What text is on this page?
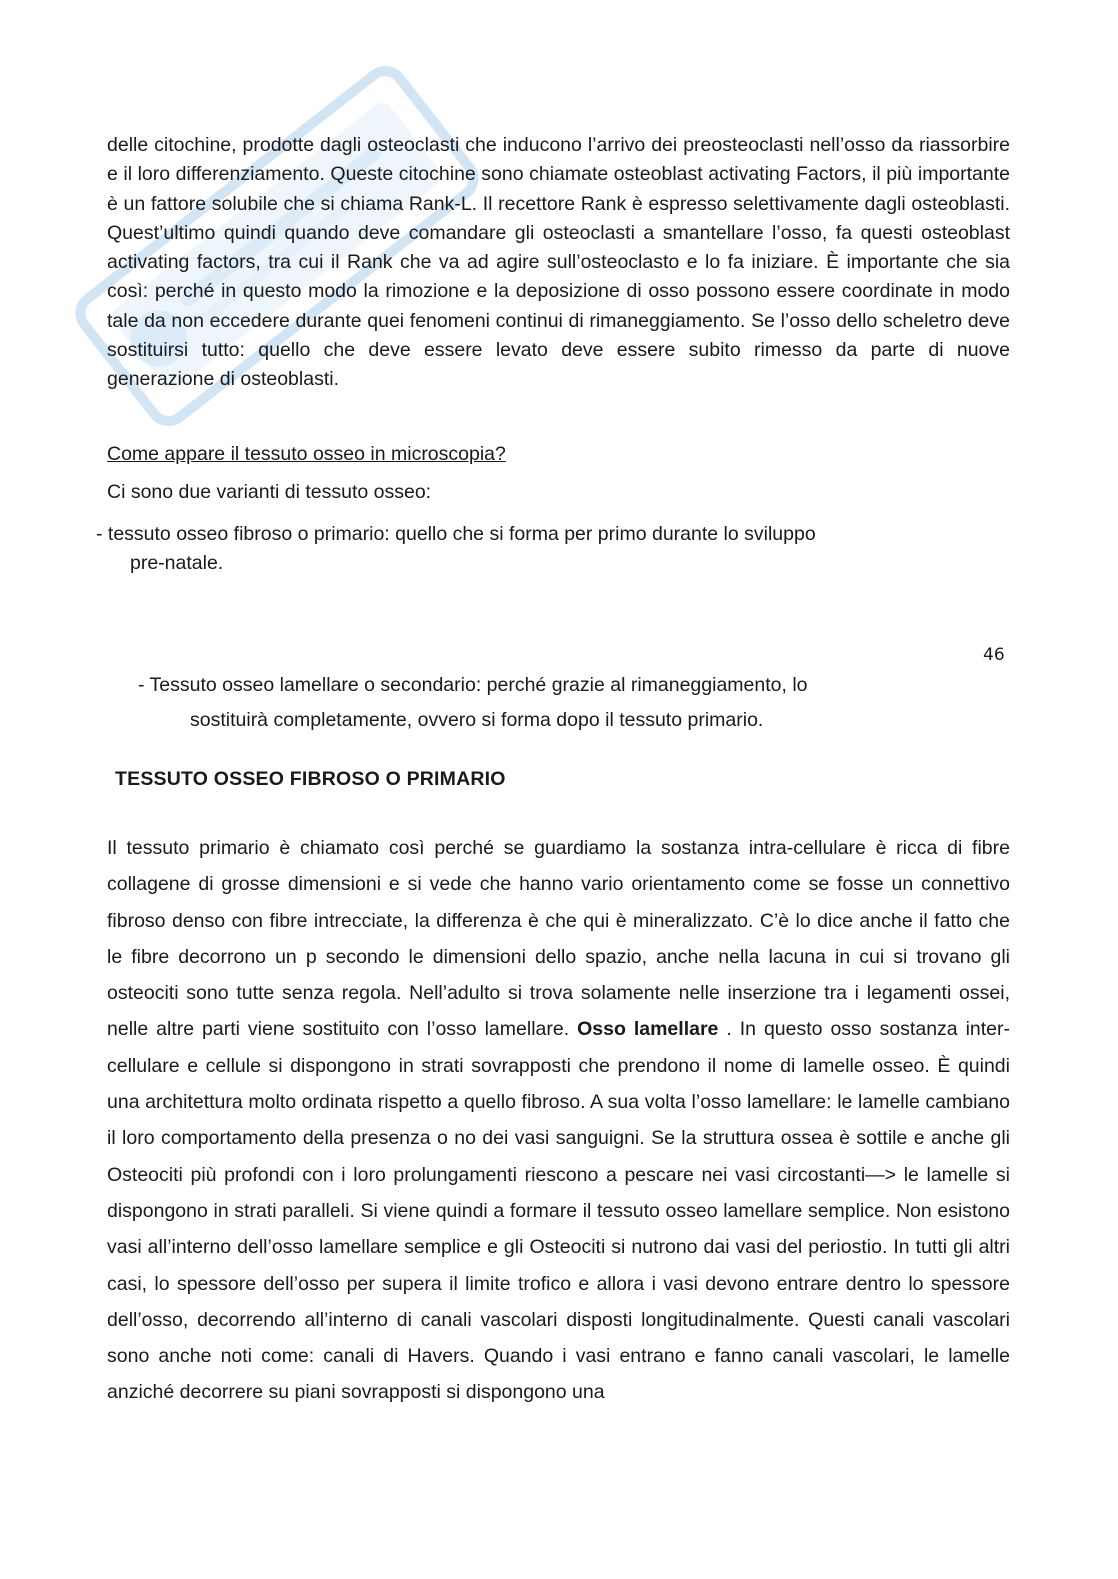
delle citochine, prodotte dagli osteoclasti che inducono l’arrivo dei preosteoclasti nell’osso da riassorbire e il loro differenziamento. Queste citochine sono chiamate osteoblast activating Factors, il più importante è un fattore solubile che si chiama Rank-L. Il recettore Rank è espresso selettivamente dagli osteoblasti. Quest’ultimo quindi quando deve comandare gli osteoclasti a smantellare l’osso, fa questi osteoblast activating factors, tra cui il Rank che va ad agire sull’osteoclasto e lo fa iniziare. È importante che sia così: perché in questo modo la rimozione e la deposizione di osso possono essere coordinate in modo tale da non eccedere durante quei fenomeni continui di rimaneggiamento. Se l’osso dello scheletro deve sostituirsi tutto: quello che deve essere levato deve essere subito rimesso da parte di nuove generazione di osteoblasti.

Come appare il tessuto osseo in microscopia?

Ci sono due varianti di tessuto osseo:

- tessuto osseo fibroso o primario: quello che si forma per primo durante lo sviluppo

pre-natale.

46

- Tessuto osseo lamellare o secondario: perché grazie al rimaneggiamento, lo

sostituirà completamente, ovvero si forma dopo il tessuto primario.

TESSUTO OSSEO FIBROSO O PRIMARIO

Il tessuto primario è chiamato così perché se guardiamo la sostanza intra-cellulare è ricca di fibre collagene di grosse dimensioni e si vede che hanno vario orientamento come se fosse un connettivo fibroso denso con fibre intrecciate, la differenza è che qui è mineralizzato. C’è lo dice anche il fatto che le fibre decorrono un p secondo le dimensioni dello spazio, anche nella lacuna in cui si trovano gli osteociti sono tutte senza regola. Nell’adulto si trova solamente nelle inserzione tra i legamenti ossei, nelle altre parti viene sostituito con l’osso lamellare. Osso lamellare . In questo osso sostanza inter-cellulare e cellule si dispongono in strati sovrapposti che prendono il nome di lamelle osseo. È quindi una architettura molto ordinata rispetto a quello fibroso. A sua volta l’osso lamellare: le lamelle cambiano il loro comportamento della presenza o no dei vasi sanguigni. Se la struttura ossea è sottile e anche gli Osteociti più profondi con i loro prolungamenti riescono a pescare nei vasi circostanti—> le lamelle si dispongono in strati paralleli. Si viene quindi a formare il tessuto osseo lamellare semplice. Non esistono vasi all’interno dell’osso lamellare semplice e gli Osteociti si nutrono dai vasi del periostio. In tutti gli altri casi, lo spessore dell’osso per supera il limite trofico e allora i vasi devono entrare dentro lo spessore dell’osso, decorrendo all’interno di canali vascolari disposti longitudinalmente. Questi canali vascolari sono anche noti come: canali di Havers. Quando i vasi entrano e fanno canali vascolari, le lamelle anziché decorrere su piani sovrapposti si dispongono una
